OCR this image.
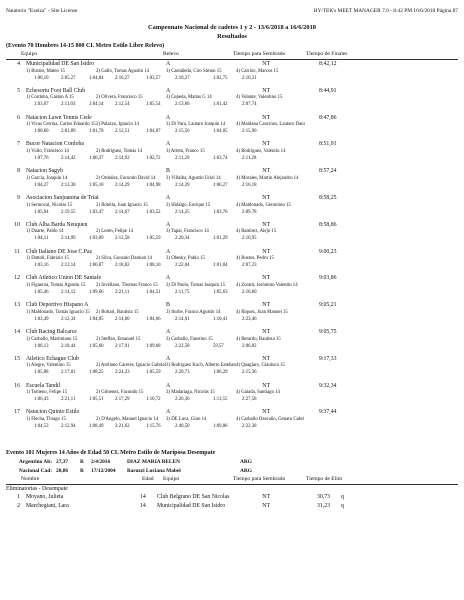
Natatorio "Ezeiza" - Site License	HY-TEK's MEET MANAGER 7.0 - 8:42 PM 16/6/2018 Página 87
Campeonato Nacional de cadetes 1 y 2 - 13/6/2018 a 16/6/2018
Resultados
(Evento 70 Hombres 14-15 800 CL Metro Estilo Libre Relevo)
Equipo	Relevo	Tiempo para Sembrado	Tiempo de Finales
4 Municipalidad DE San Isidro	A	NT	8:42,12
1) Bustos, Mateo 15	2) Gallo, Tomas Agustin 14	3) Castañeda, Ciro Simon 15	4) Carrizo, Marcos 15
1:00,10	2:05,27	1:04,84 2:16,27	1:03,57	2:10,27	1:02,75	2:10,31
5 Echesortu Foot Ball Club	A	NT	8:44,91
1) Cordoba, Gaston A 15	2) Olivera, Francisco 15	3) Cepeda, Matias G 14	4) Volante, Valentino 15
1:03,07	2:11,03	1:04,14 2:12,54	1:05,54	2:13,60	1:01,42	2:07,74
6 Natacion Lawn Tennis Cede	A	NT	8:47,86
1) Vivas Cetrina, Carlos Eduardo 15 2) Palazzo, Ignacio 14	3) Di Vara, Lautaro Joaquin 14 4) Maidana Cancinos, Lautaro Dani
1:00,60	2:03,89	1:01,78 2:12,51	1:04,87	2:15,56	1:04,05	2:15,90
7 Bucor Natacion Cordoba	A	NT	8:51,91
1) Vullo, Francisco 14	2) Rodriguez, Tomas 14	3) Arteta, Franco 15	4) Rodriguez, Valentin 14
1:07,76	2:14,42	1:06,37 2:14,92	1:02,72	2:11,29	1:03,74	2:11,28
8 Natacion Sagyb	B	NT	8:57,24
1) Garcia, Joaquin 14	2) Ordoñez, Facundo David 14 3) Villalba, Agustin Uriel 14	4) Morales, Martin Alejandro 14
1:04,27	2:12,38	1:05,10 2:14,29	1:04,98	2:14,39	1:06,27	2:16,18
9 Asociacion Sanjuanina de Triat	A	NT	8:58,25
1) Sermocal, Nicolas 15	2) Botella, Juan Ignacio 15	3) Hidalgo, Enrique 15	4) Maldonado, Geronimo 15
1:05,94	2:19,55	1:03,47 2:14,67	1:03,52	2:14,25	1:03,76	2:09,78
10 Club Alba Barda Neuquen	A	NT	8:58,86
1) Duarte, Pablo 14	2) Loren, Felipe 14	3) Tapai, Francisco 14	4) Ramirez, Alejo 15
1:04,11	2:14,99	1:03,09 2:12,58	1:05,59	2:20,34	1:01,29	2:10,95
11 Club Italiano DE Jose C.Paz	A	NT	9:00,23
1) Dattoli, Fabrizio 15	2) Silva, Gonzalo Damian 14	3) Obesky, Pablo 15	4) Bustos, Pedro 15
1:03,16	2:12,14	1:06,87 2:18,82	1:08,10	2:22,04	1:01,04	2:07,23
12 Club Atletico Union DE Santafe	A	NT	9:03,86
1) Figueroa, Tomas Agustin 15 2) Iovellano, Thomas Franco 15 3) Di Paolo, Tomas Ioaquín 15 4) Zoratti, Jerónimo Valentín 14
1:05,46	2:14,12	1:09,66 2:21,11	1:04,51	2:11,75	1:05,63	2:16,60
13 Club Deportivo Hispano A	B	NT	9:05,21
1) Maldonado, Tomás Ignacio 15 2) Bottari, Bautista 15	3) Iturbe, Franco Agustin 14	4) Riquez, Juan Manuel 15
1:03,49	2:12,34	1:04,85 2:14,60	1:04,66	2:14,91	1:10,41	2:23,46
14 Club Racing Balcarce	A	NT	9:05,75
1) Carballo, Martiniano 15	2) Steffan, Emanuel 15	3) Carballo, Faustino 15	4) Berardo, Bautista 15
1:06,13	2:18,44	1:05,60 2:17,91	1:09,68	2:22,58	59,57	2:06,82
15 Atletico Echague Club	A	NT	9:17,33
1) Alegre, Valentino 15	2) Arellano Careres, Ignacio Gabriel 3) Rodriguez Koch, Alberto Esteban 4) Quaglaro, Gianluca 15
1:05,88	2:17,01	1:08,25 2:24,23	1:05,59	2:20,73	1:06,29	2:15,36
16 Escuela Tandil	A	NT	9:32,34
1) Tomeno, Felipe 15	2) Gimenez, Facundo 15	3) Madariaga, Nicolás 15	4) Gaiada, Santiago 14
1:06,43	2:21,11	1:05,51 2:17,29	1:10,72	2:26,36	1:11,55	2:27,58
17 Natacion Quinto Estilo	A	NT	9:37,44
1) Flecha, Thiago 15	2) D'Angelo, Manuel Ignacio 14 3) DE Luca, Gino 14	4) Carballo Ozecaño, Genaro Gabri
1:04,53	2:12,94	1:08,49 2:21,62	1:15,76	2:40,50	1:09,86	2:22,38
Evento 101 Mujeres 14 Años de Edad 50 CL Metro Estilo de Mariposa Desempate
Argentino Ab: 27,37 R 2/4/2016	DIAZ MARIA BELEN	ARG
Nacional Cad: 28,86 R 17/12/2004 Barozzi Luciana Mabel	ARG
Nombre	Edad Equipo	Tiempo para Sembrado	Tiempo de Elim
Eliminatorias - Desempate
1 Moyano, Julieta	14 Club Belgrano DE San Nicolas	NT	30,73 q
2 Marchegiani, Lara	14 Municipalidad DE San Isidro	NT	31,23 q
